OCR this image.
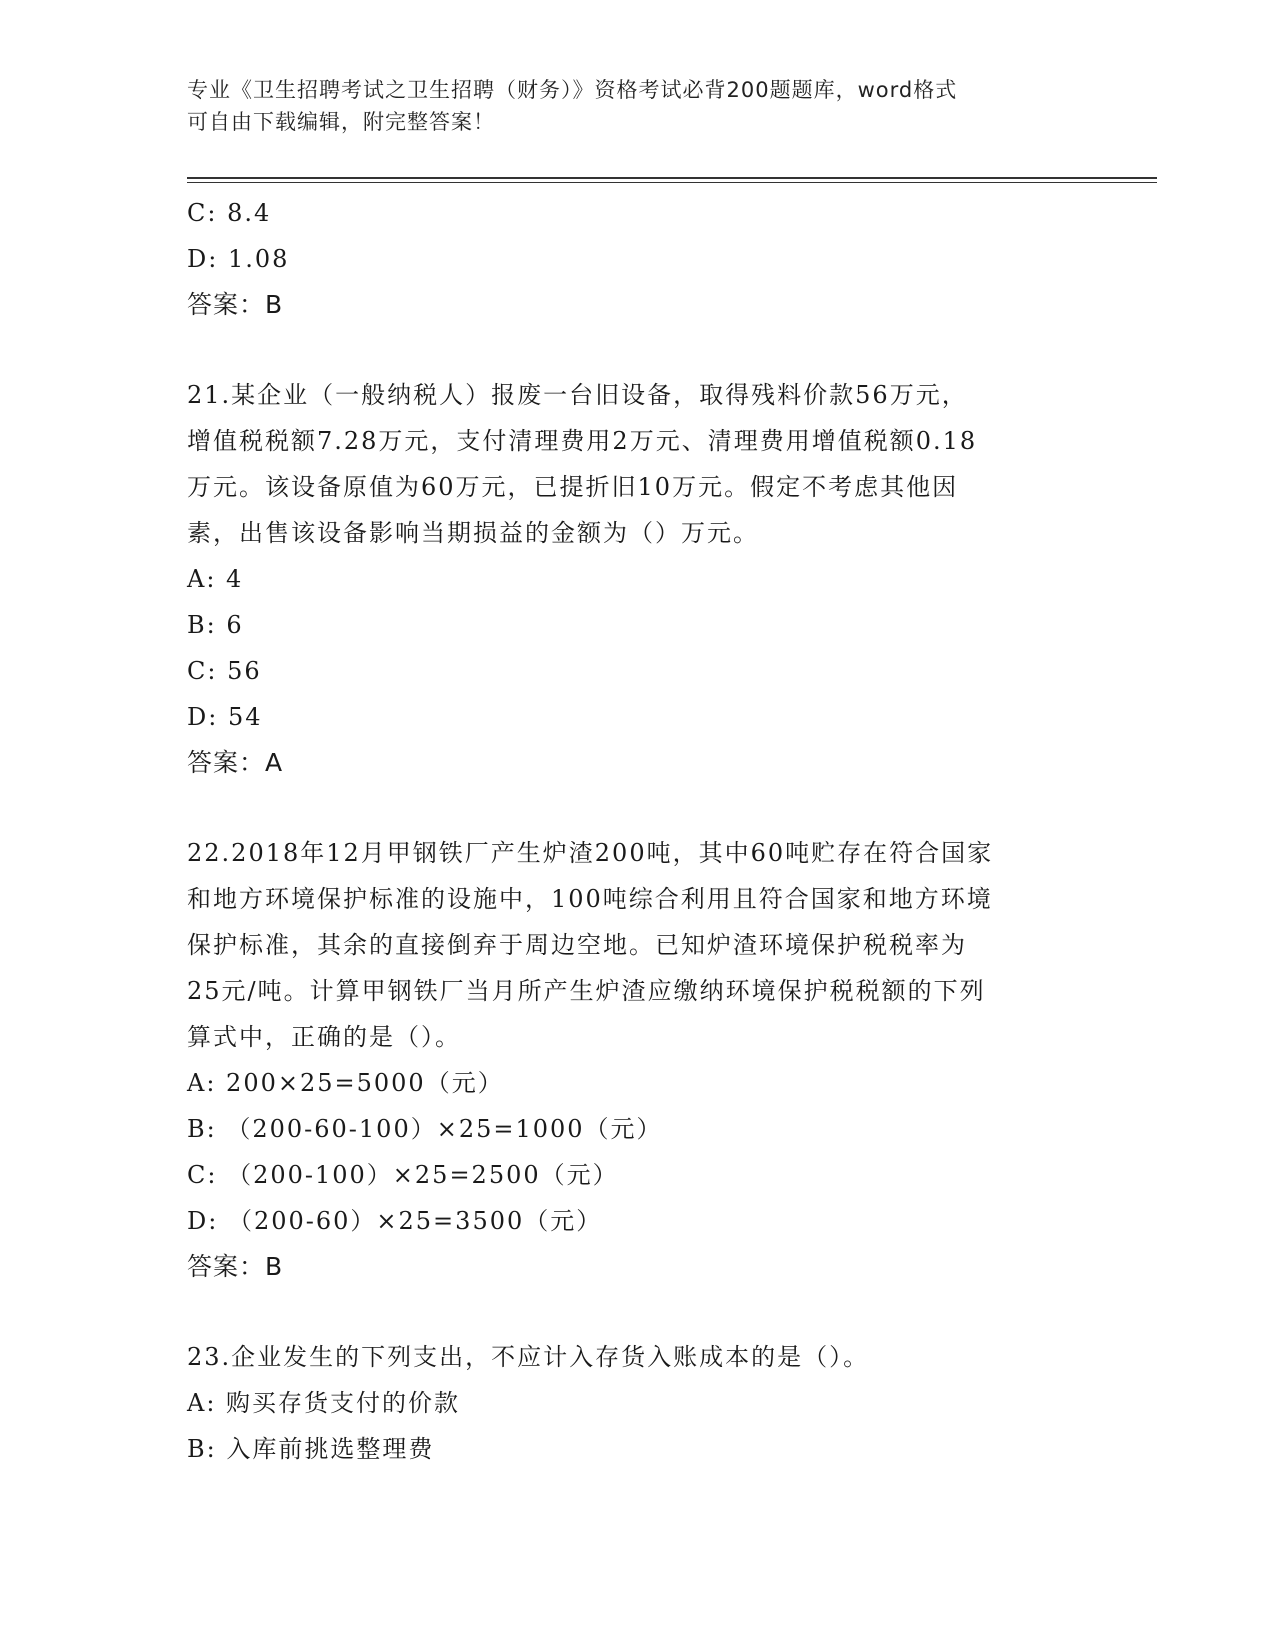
专业《卫生招聘考试之卫生招聘（财务）》资格考试必背200题题库，word格式
可自由下载编辑，附完整答案！
C: 8.4
D: 1.08
答案：B
21.某企业（一般纳税人）报废一台旧设备，取得残料价款56万元，
增值税税额7.28万元，支付清理费用2万元、清理费用增值税额0.18
万元。该设备原值为60万元，已提折旧10万元。假定不考虑其他因
素，出售该设备影响当期损益的金额为（）万元。
A: 4
B: 6
C: 56
D: 54
答案：A
22.2018年12月甲钢铁厂产生炉渣200吨，其中60吨贮存在符合国家
和地方环境保护标准的设施中，100吨综合利用且符合国家和地方环境
保护标准，其余的直接倒弃于周边空地。已知炉渣环境保护税税率为
25元/吨。计算甲钢铁厂当月所产生炉渣应缴纳环境保护税税额的下列
算式中，正确的是（）。
A: 200×25=5000（元）
B: （200-60-100）×25=1000（元）
C: （200-100）×25=2500（元）
D: （200-60）×25=3500（元）
答案：B
23.企业发生的下列支出，不应计入存货入账成本的是（）。
A: 购买存货支付的价款
B: 入库前挑选整理费
